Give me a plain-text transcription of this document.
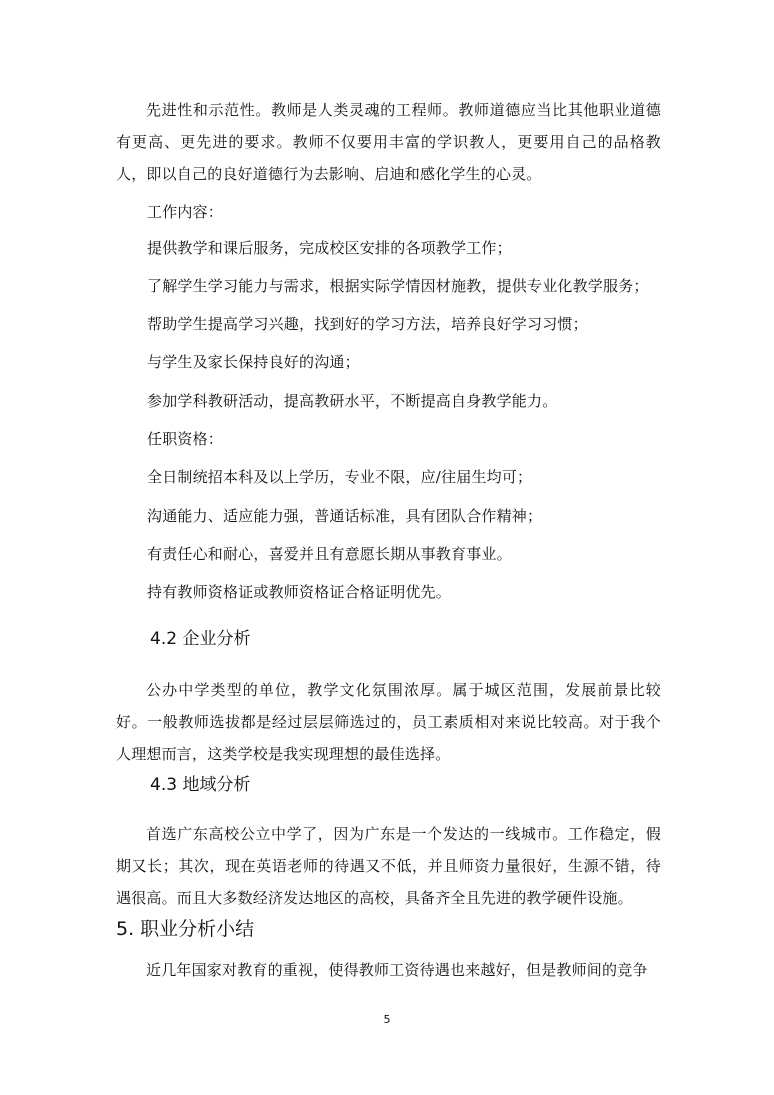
先进性和示范性。教师是人类灵魂的工程师。教师道德应当比其他职业道德有更高、更先进的要求。教师不仅要用丰富的学识教人，更要用自己的品格教人，即以自己的良好道德行为去影响、启迪和感化学生的心灵。

工作内容：

提供教学和课后服务，完成校区安排的各项教学工作；

了解学生学习能力与需求，根据实际学情因材施教，提供专业化教学服务；

帮助学生提高学习兴趣，找到好的学习方法，培养良好学习习惯；

与学生及家长保持良好的沟通；

参加学科教研活动，提高教研水平，不断提高自身教学能力。

任职资格：

全日制统招本科及以上学历，专业不限，应/往届生均可；

沟通能力、适应能力强，普通话标准，具有团队合作精神；

有责任心和耐心，喜爱并且有意愿长期从事教育事业。

持有教师资格证或教师资格证合格证明优先。

4.2 企业分析

公办中学类型的单位，教学文化氛围浓厚。属于城区范围，发展前景比较好。一般教师选拔都是经过层层筛选过的，员工素质相对来说比较高。对于我个人理想而言，这类学校是我实现理想的最佳选择。

4.3 地域分析

首选广东高校公立中学了，因为广东是一个发达的一线城市。工作稳定，假期又长；其次，现在英语老师的待遇又不低，并且师资力量很好，生源不错，待遇很高。而且大多数经济发达地区的高校，具备齐全且先进的教学硬件设施。

5. 职业分析小结

近几年国家对教育的重视，使得教师工资待遇也来越好，但是教师间的竞争

5
